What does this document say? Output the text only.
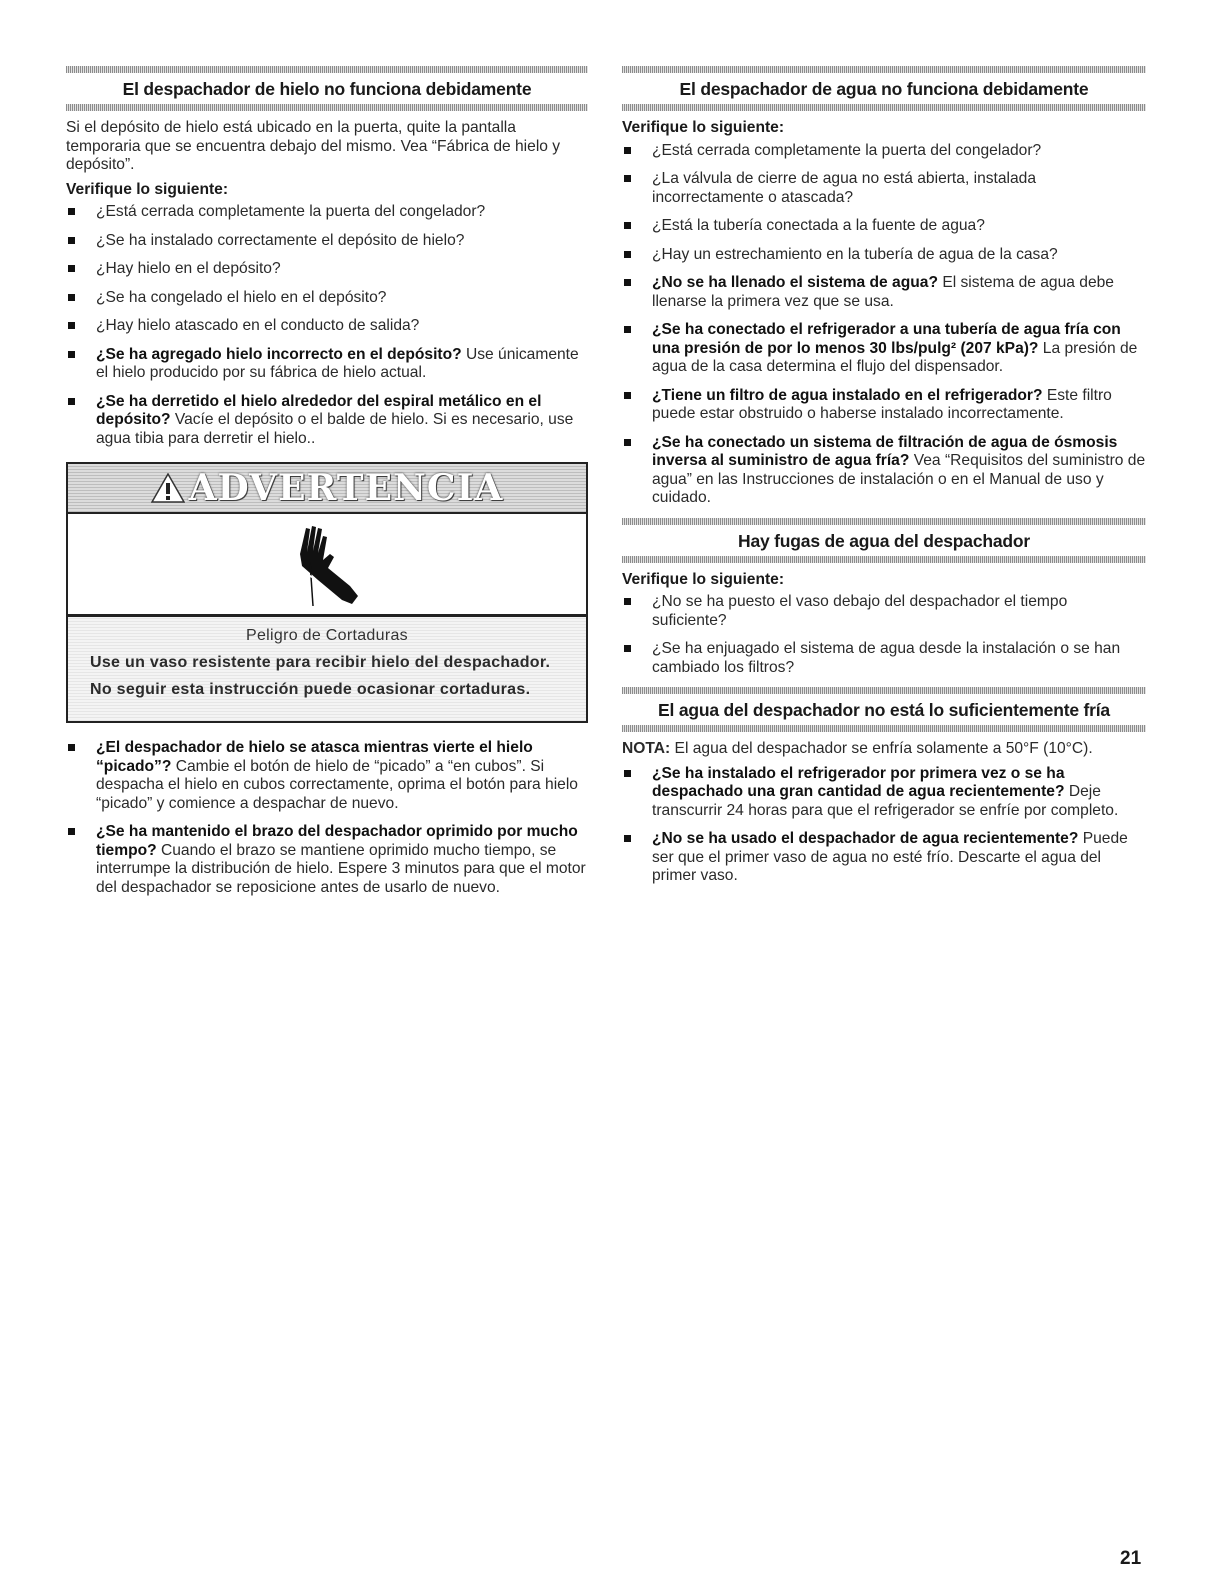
El despachador de hielo no funciona debidamente

Si el depósito de hielo está ubicado en la puerta, quite la pantalla temporaria que se encuentra debajo del mismo. Vea “Fábrica de hielo y depósito”.

Verifique lo siguiente:

¿Está cerrada completamente la puerta del congelador?
¿Se ha instalado correctamente el depósito de hielo?
¿Hay hielo en el depósito?
¿Se ha congelado el hielo en el depósito?
¿Hay hielo atascado en el conducto de salida?
¿Se ha agregado hielo incorrecto en el depósito? Use únicamente el hielo producido por su fábrica de hielo actual.
¿Se ha derretido el hielo alrededor del espiral metálico en el depósito? Vacíe el depósito o el balde de hielo. Si es necesario, use agua tibia para derretir el hielo..
ADVERTENCIA
Peligro de Cortaduras

Use un vaso resistente para recibir hielo del despachador.

No seguir esta instrucción puede ocasionar cortaduras.

¿El despachador de hielo se atasca mientras vierte el hielo “picado”? Cambie el botón de hielo de “picado” a “en cubos”. Si despacha el hielo en cubos correctamente, oprima el botón para hielo “picado” y comience a despachar de nuevo.
¿Se ha mantenido el brazo del despachador oprimido por mucho tiempo? Cuando el brazo se mantiene oprimido mucho tiempo, se interrumpe la distribución de hielo. Espere 3 minutos para que el motor del despachador se reposicione antes de usarlo de nuevo.
El despachador de agua no funciona debidamente

Verifique lo siguiente:

¿Está cerrada completamente la puerta del congelador?
¿La válvula de cierre de agua no está abierta, instalada incorrectamente o atascada?
¿Está la tubería conectada a la fuente de agua?
¿Hay un estrechamiento en la tubería de agua de la casa?
¿No se ha llenado el sistema de agua? El sistema de agua debe llenarse la primera vez que se usa.
¿Se ha conectado el refrigerador a una tubería de agua fría con una presión de por lo menos 30 lbs/pulg² (207 kPa)? La presión de agua de la casa determina el flujo del dispensador.
¿Tiene un filtro de agua instalado en el refrigerador? Este filtro puede estar obstruido o haberse instalado incorrectamente.
¿Se ha conectado un sistema de filtración de agua de ósmosis inversa al suministro de agua fría? Vea “Requisitos del suministro de agua” en las Instrucciones de instalación o en el Manual de uso y cuidado.
Hay fugas de agua del despachador

Verifique lo siguiente:

¿No se ha puesto el vaso debajo del despachador el tiempo suficiente?
¿Se ha enjuagado el sistema de agua desde la instalación o se han cambiado los filtros?
El agua del despachador no está lo suficientemente fría

NOTA: El agua del despachador se enfría solamente a 50°F (10°C).

¿Se ha instalado el refrigerador por primera vez o se ha despachado una gran cantidad de agua recientemente? Deje transcurrir 24 horas para que el refrigerador se enfríe por completo.
¿No se ha usado el despachador de agua recientemente? Puede ser que el primer vaso de agua no esté frío. Descarte el agua del primer vaso.
21
